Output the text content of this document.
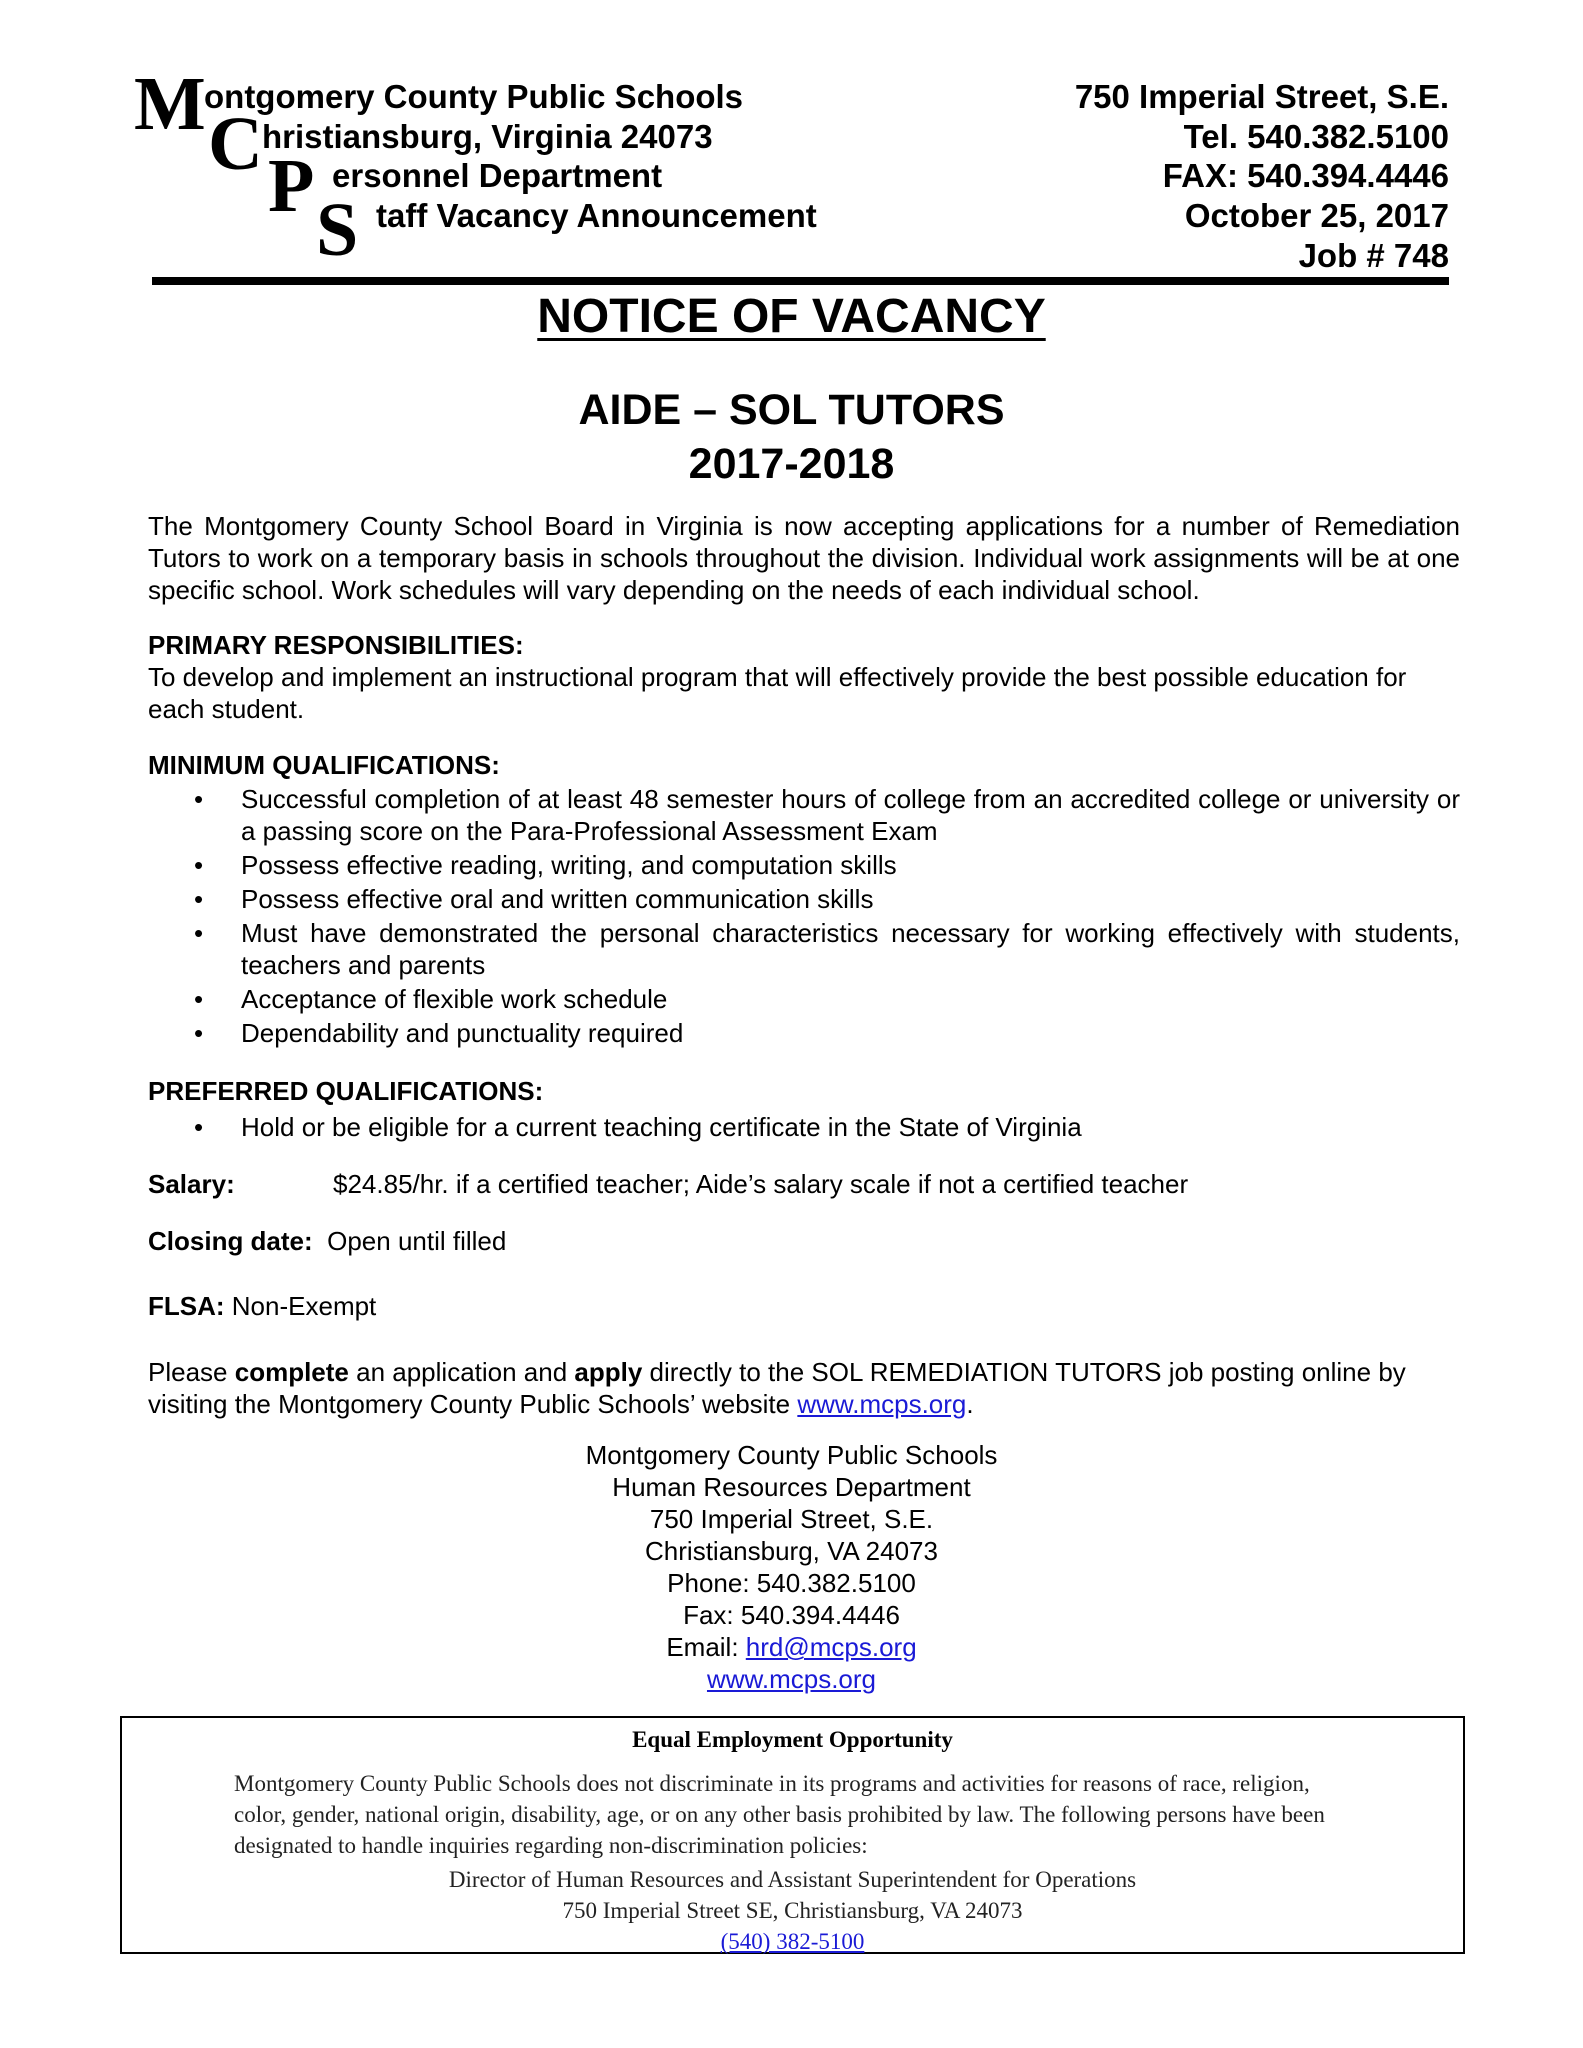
M C P
S
ontgomery County Public Schools
hristiansburg, Virginia 24073
ersonnel Department
taff Vacancy Announcement
750 Imperial Street, S.E.
Tel. 540.382.5100
FAX: 540.394.4446
October 25, 2017
Job # 748
NOTICE OF VACANCY
AIDE – SOL TUTORS
2017-2018
The Montgomery County School Board in Virginia is now accepting applications for a number of Remediation Tutors to work on a temporary basis in schools throughout the division. Individual work assignments will be at one specific school. Work schedules will vary depending on the needs of each individual school.
PRIMARY RESPONSIBILITIES:
To develop and implement an instructional program that will effectively provide the best possible education for each student.
MINIMUM QUALIFICATIONS:
• Successful completion of at least 48 semester hours of college from an accredited college or university or a passing score on the Para-Professional Assessment Exam
• Possess effective reading, writing, and computation skills
• Possess effective oral and written communication skills
• Must have demonstrated the personal characteristics necessary for working effectively with students, teachers and parents
• Acceptance of flexible work schedule
• Dependability and punctuality required
PREFERRED QUALIFICATIONS:
• Hold or be eligible for a current teaching certificate in the State of Virginia
Salary:	$24.85/hr. if a certified teacher; Aide’s salary scale if not a certified teacher
Closing date: Open until filled
FLSA: Non-Exempt
Please complete an application and apply directly to the SOL REMEDIATION TUTORS job posting online by visiting the Montgomery County Public Schools’ website www.mcps.org.
Montgomery County Public Schools
Human Resources Department
750 Imperial Street, S.E.
Christiansburg, VA 24073
Phone: 540.382.5100
Fax: 540.394.4446
Email: hrd@mcps.org
www.mcps.org
Equal Employment Opportunity
Montgomery County Public Schools does not discriminate in its programs and activities for reasons of race, religion, color, gender, national origin, disability, age, or on any other basis prohibited by law. The following persons have been designated to handle inquiries regarding non-discrimination policies:
Director of Human Resources and Assistant Superintendent for Operations
750 Imperial Street SE, Christiansburg, VA 24073
(540) 382-5100
